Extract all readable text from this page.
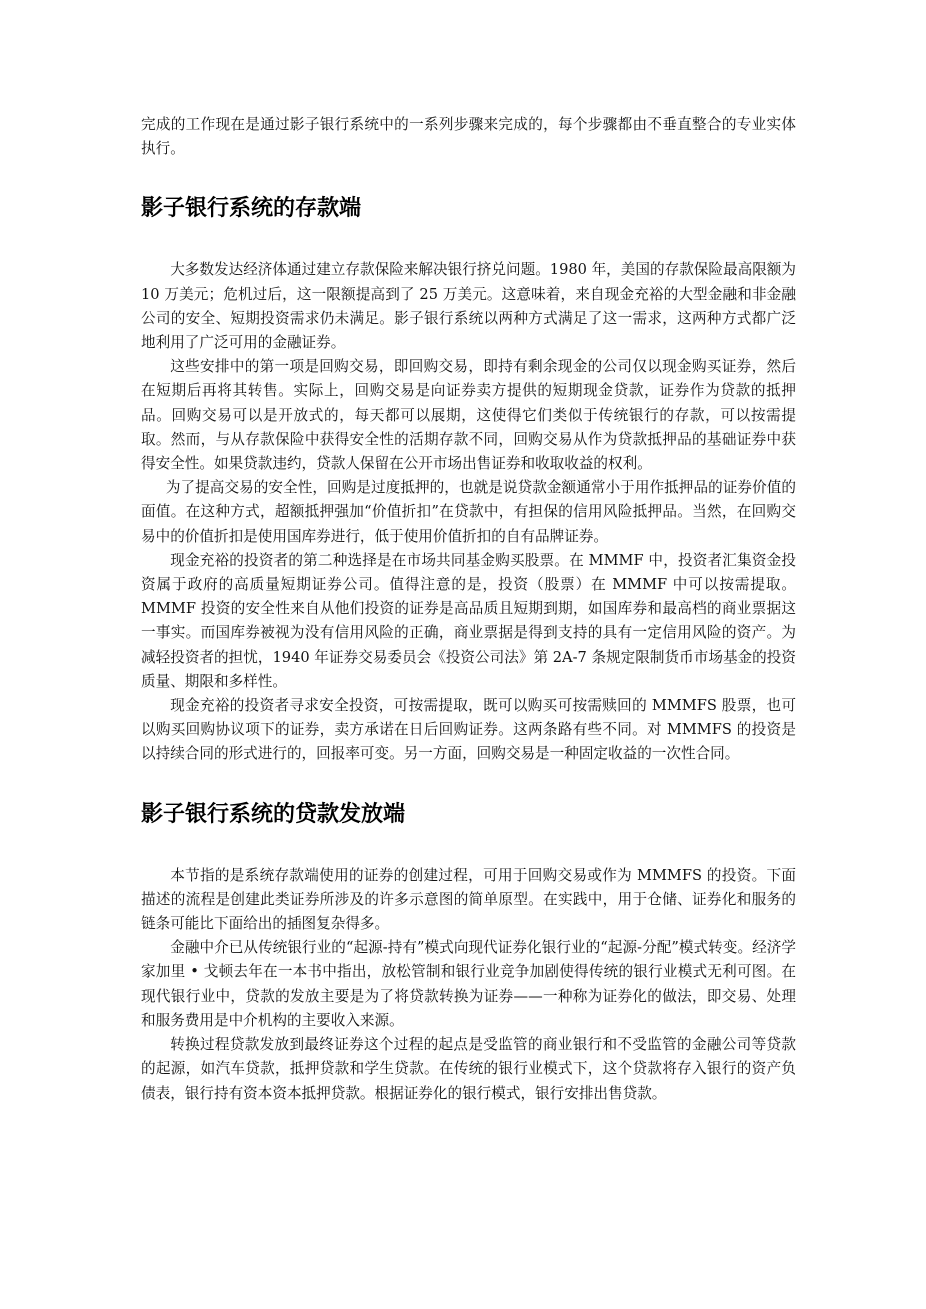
完成的工作现在是通过影子银行系统中的一系列步骤来完成的，每个步骤都由不垂直整合的专业实体执行。

影子银行系统的存款端

大多数发达经济体通过建立存款保险来解决银行挤兑问题。1980 年，美国的存款保险最高限额为 10 万美元；危机过后，这一限额提高到了 25 万美元。这意味着，来自现金充裕的大型金融和非金融公司的安全、短期投资需求仍未满足。影子银行系统以两种方式满足了这一需求，这两种方式都广泛地利用了广泛可用的金融证券。

这些安排中的第一项是回购交易，即回购交易，即持有剩余现金的公司仅以现金购买证券，然后在短期后再将其转售。实际上，回购交易是向证券卖方提供的短期现金贷款，证券作为贷款的抵押品。回购交易可以是开放式的，每天都可以展期，这使得它们类似于传统银行的存款，可以按需提取。然而，与从存款保险中获得安全性的活期存款不同，回购交易从作为贷款抵押品的基础证券中获得安全性。如果贷款违约，贷款人保留在公开市场出售证券和收取收益的权利。

为了提高交易的安全性，回购是过度抵押的，也就是说贷款金额通常小于用作抵押品的证券价值的面值。在这种方式，超额抵押强加“价值折扣”在贷款中，有担保的信用风险抵押品。当然，在回购交易中的价值折扣是使用国库券进行，低于使用价值折扣的自有品牌证券。

现金充裕的投资者的第二种选择是在市场共同基金购买股票。在 MMMF 中，投资者汇集资金投资属于政府的高质量短期证券公司。值得注意的是，投资（股票）在 MMMF 中可以按需提取。MMMF 投资的安全性来自从他们投资的证券是高品质且短期到期，如国库券和最高档的商业票据这一事实。而国库券被视为没有信用风险的正确，商业票据是得到支持的具有一定信用风险的资产。为减轻投资者的担忧，1940 年证券交易委员会《投资公司法》第 2A-7 条规定限制货币市场基金的投资质量、期限和多样性。

现金充裕的投资者寻求安全投资，可按需提取，既可以购买可按需赎回的 MMMFS 股票，也可以购买回购协议项下的证券，卖方承诺在日后回购证券。这两条路有些不同。对 MMMFS 的投资是以持续合同的形式进行的，回报率可变。另一方面，回购交易是一种固定收益的一次性合同。

影子银行系统的贷款发放端

本节指的是系统存款端使用的证券的创建过程，可用于回购交易或作为 MMMFS 的投资。下面描述的流程是创建此类证券所涉及的许多示意图的简单原型。在实践中，用于仓储、证券化和服务的链条可能比下面给出的插图复杂得多。

金融中介已从传统银行业的“起源-持有”模式向现代证券化银行业的“起源-分配”模式转变。经济学家加里 • 戈顿去年在一本书中指出，放松管制和银行业竞争加剧使得传统的银行业模式无利可图。在现代银行业中，贷款的发放主要是为了将贷款转换为证券——一种称为证券化的做法，即交易、处理和服务费用是中介机构的主要收入来源。

转换过程贷款发放到最终证券这个过程的起点是受监管的商业银行和不受监管的金融公司等贷款的起源，如汽车贷款，抵押贷款和学生贷款。在传统的银行业模式下，这个贷款将存入银行的资产负债表，银行持有资本资本抵押贷款。根据证券化的银行模式，银行安排出售贷款。
